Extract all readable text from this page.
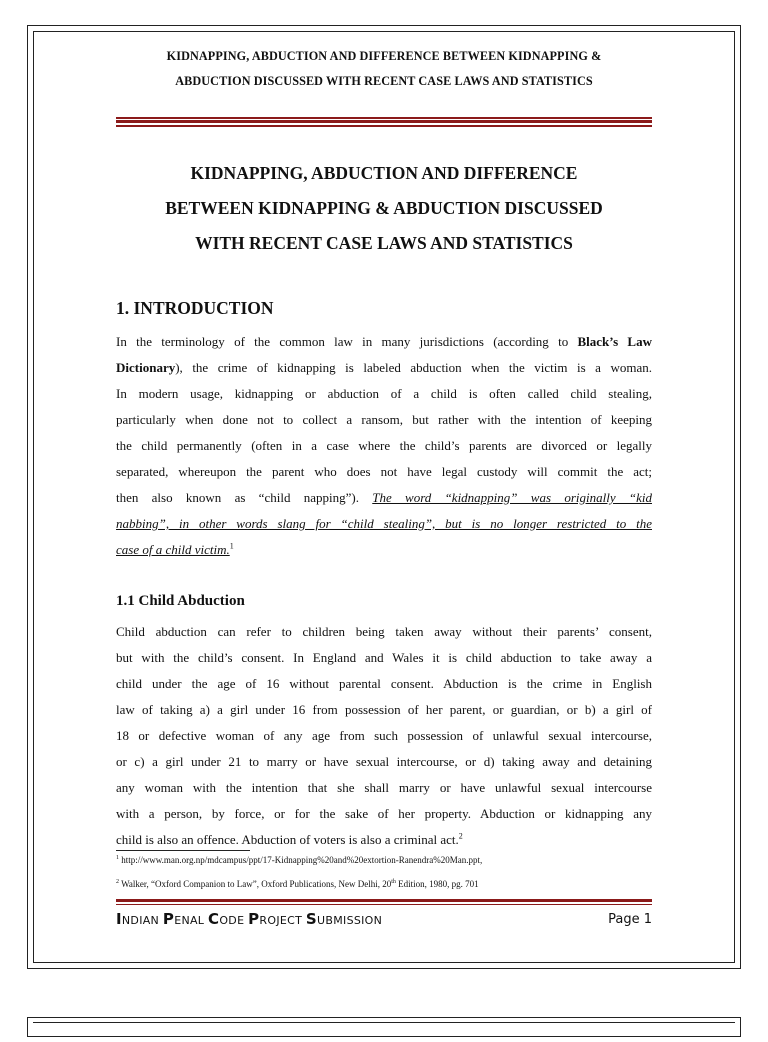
KIDNAPPING, ABDUCTION AND DIFFERENCE BETWEEN KIDNAPPING &
ABDUCTION DISCUSSED WITH RECENT CASE LAWS AND STATISTICS
KIDNAPPING, ABDUCTION AND DIFFERENCE
BETWEEN KIDNAPPING & ABDUCTION DISCUSSED
WITH RECENT CASE LAWS AND STATISTICS
1. INTRODUCTION
In the terminology of the common law in many jurisdictions (according to Black’s Law
Dictionary), the crime of kidnapping is labeled abduction when the victim is a woman.
In modern usage, kidnapping or abduction of a child is often called child stealing,
particularly when done not to collect a ransom, but rather with the intention of keeping
the child permanently (often in a case where the child’s parents are divorced or legally
separated, whereupon the parent who does not have legal custody will commit the act;
then also known as “child napping”). The word “kidnapping” was originally “kid
nabbing”, in other words slang for “child stealing”, but is no longer restricted to the
case of a child victim.$^1$
1.1 Child Abduction
Child abduction can refer to children being taken away without their parents’ consent,
but with the child’s consent. In England and Wales it is child abduction to take away a
child under the age of 16 without parental consent. Abduction is the crime in English
law of taking a) a girl under 16 from possession of her parent, or guardian, or b) a girl of
18 or defective woman of any age from such possession of unlawful sexual intercourse,
or c) a girl under 21 to marry or have sexual intercourse, or d) taking away and detaining
any woman with the intention that she shall marry or have unlawful sexual intercourse
with a person, by force, or for the sake of her property. Abduction or kidnapping any
child is also an offence. Abduction of voters is also a criminal act.$^2$
$^1$ http://www.man.org.np/mdcampus/ppt/17-Kidnapping%20and%20extortion-Ranendra%20Man.ppt,
$^2$ Walker, “Oxford Companion to Law”, Oxford Publications, New Delhi, 20th Edition, 1980, pg. 701
INDIAN PENAL CODE PROJECT SUBMISSION	Page 1
